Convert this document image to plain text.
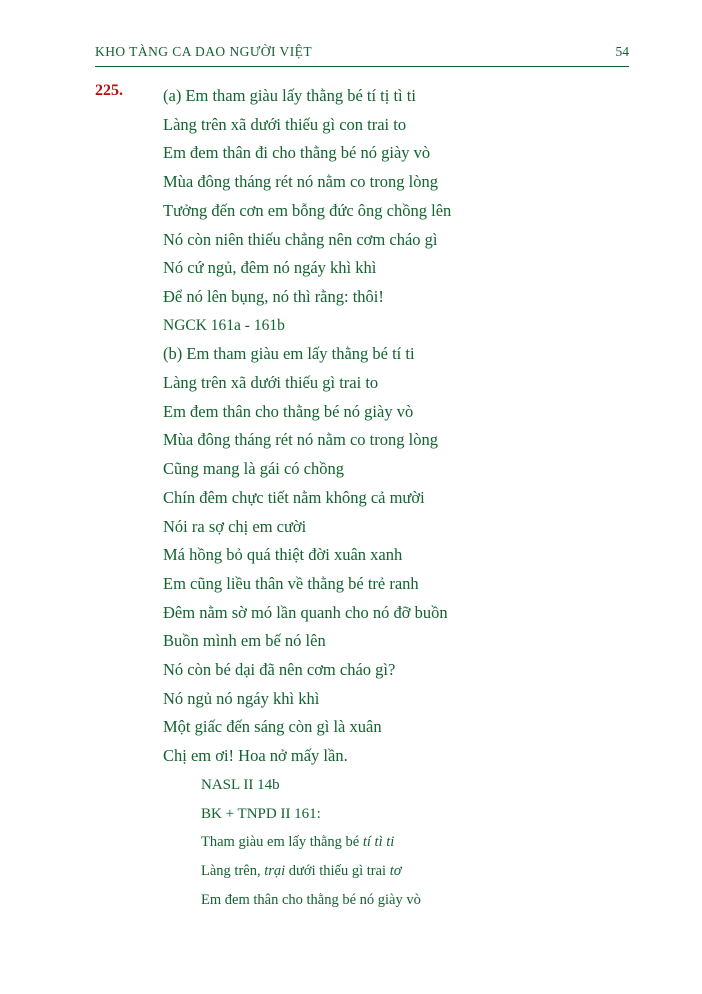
KHO TÀNG CA DAO NGƯỜI VIỆT	54
225.	(a) Em tham giàu lấy thằng bé tí tị tì ti
Làng trên xã dưới thiếu gì con trai to
Em đem thân đi cho thằng bé nó giày vò
Mùa đông tháng rét nó nằm co trong lòng
Tưởng đến cơn em bỗng đức ông chồng lên
Nó còn niên thiếu chẳng nên cơm cháo gì
Nó cứ ngủ, đêm nó ngáy khì khì
Để nó lên bụng, nó thì rằng: thôi!
NGCK 161a - 161b
(b) Em tham giàu em lấy thằng bé tí ti
Làng trên xã dưới thiếu gì trai to
Em đem thân cho thằng bé nó giày vò
Mùa đông tháng rét nó nằm co trong lòng
Cũng mang là gái có chồng
Chín đêm chực tiết nằm không cả mười
Nói ra sợ chị em cười
Má hồng bỏ quá thiệt đời xuân xanh
Em cũng liều thân về thằng bé trẻ ranh
Đêm nằm sờ mó lần quanh cho nó đỡ buồn
Buồn mình em bế nó lên
Nó còn bé dại đã nên cơm cháo gì?
Nó ngủ nó ngáy khì khì
Một giấc đến sáng còn gì là xuân
Chị em ơi! Hoa nở mấy lần.
NASL II 14b
BK + TNPD II 161:
Tham giàu em lấy thằng bé tí tì ti
Làng trên, trại dưới thiếu gì trai tơ
Em đem thân cho thằng bé nó giày vò
